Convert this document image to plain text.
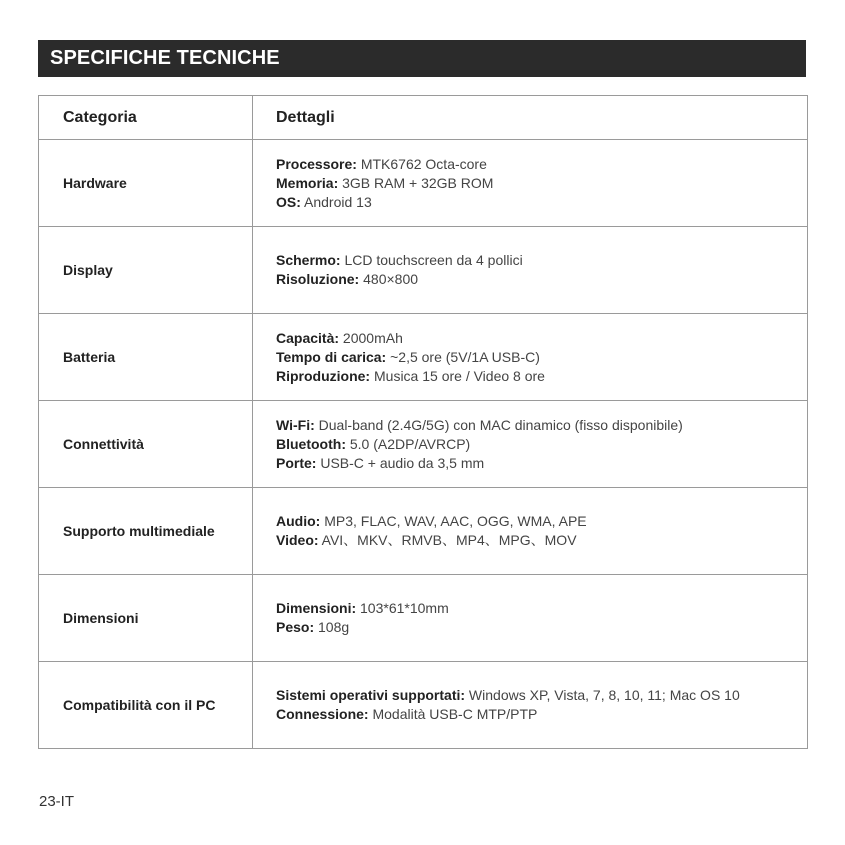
SPECIFICHE TECNICHE
Categoria	Dettagli
Hardware	Processore: MTK6762 Octa-core
Memoria: 3GB RAM + 32GB ROM
OS: Android 13

Display	Schermo: LCD touchscreen da 4 pollici
Risoluzione: 480×800

Batteria	Capacità: 2000mAh
Tempo di carica: ~2,5 ore (5V/1A USB-C)
Riproduzione: Musica 15 ore / Video 8 ore

Connettività	Wi-Fi: Dual-band (2.4G/5G) con MAC dinamico (fisso disponibile)
Bluetooth: 5.0 (A2DP/AVRCP)
Porte: USB-C + audio da 3,5 mm

Supporto multimediale	Audio: MP3, FLAC, WAV, AAC, OGG, WMA, APE
Video: AVI、MKV、RMVB、MP4、MPG、MOV

Dimensioni	Dimensioni: 103*61*10mm
Peso: 108g

Compatibilità con il PC	Sistemi operativi supportati: Windows XP, Vista, 7, 8, 10, 11; Mac OS 10
Connessione: Modalità USB-C MTP/PTP
23-IT
